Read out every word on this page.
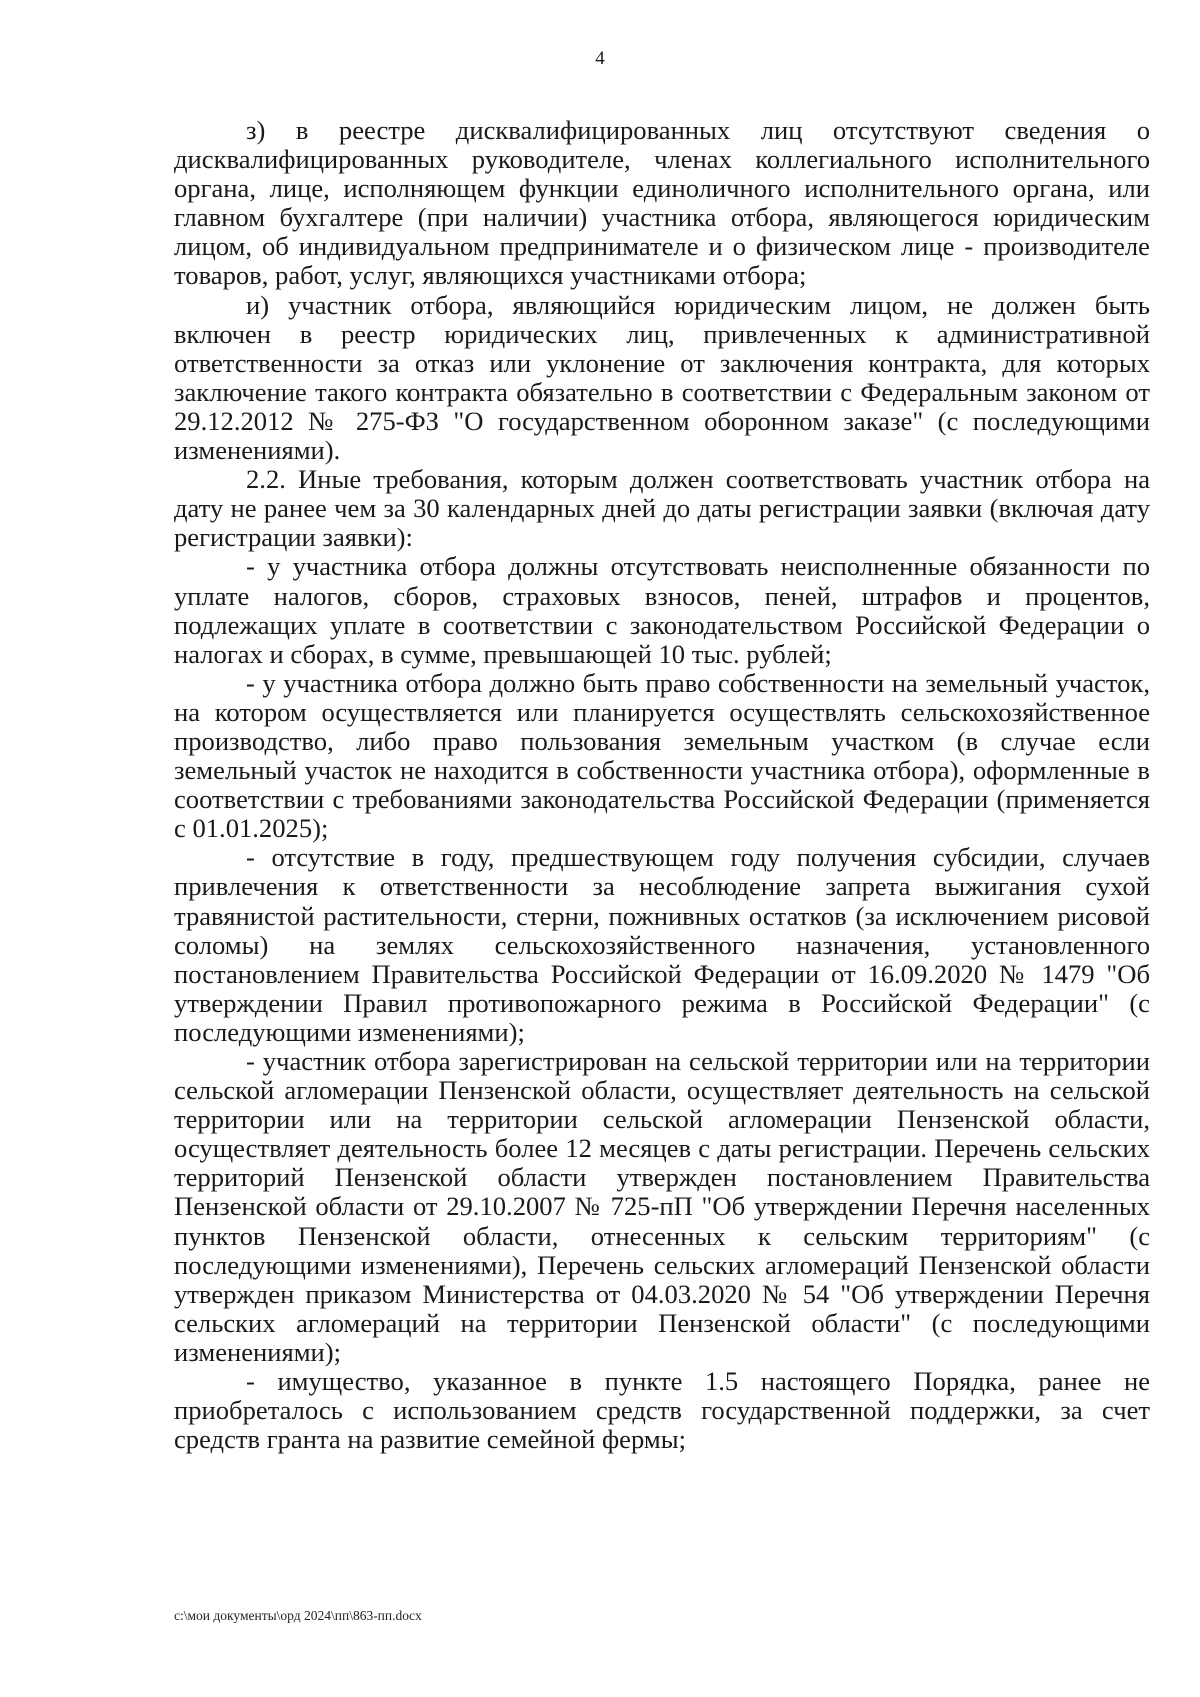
4

з) в реестре дисквалифицированных лиц отсутствуют сведения о дисквалифицированных руководителе, членах коллегиального исполнительного органа, лице, исполняющем функции единоличного исполнительного органа, или главном бухгалтере (при наличии) участника отбора, являющегося юридическим лицом, об индивидуальном предпринимателе и о физическом лице - производителе товаров, работ, услуг, являющихся участниками отбора;

и) участник отбора, являющийся юридическим лицом, не должен быть включен в реестр юридических лиц, привлеченных к административной ответственности за отказ или уклонение от заключения контракта, для которых заключение такого контракта обязательно в соответствии с Федеральным законом от 29.12.2012 № 275-ФЗ "О государственном оборонном заказе" (с последующими изменениями).

2.2. Иные требования, которым должен соответствовать участник отбора на дату не ранее чем за 30 календарных дней до даты регистрации заявки (включая дату регистрации заявки):

- у участника отбора должны отсутствовать неисполненные обязанности по уплате налогов, сборов, страховых взносов, пеней, штрафов и процентов, подлежащих уплате в соответствии с законодательством Российской Федерации о налогах и сборах, в сумме, превышающей 10 тыс. рублей;

- у участника отбора должно быть право собственности на земельный участок, на котором осуществляется или планируется осуществлять сельскохозяйственное производство, либо право пользования земельным участком (в случае если земельный участок не находится в собственности участника отбора), оформленные в соответствии с требованиями законодательства Российской Федерации (применяется с 01.01.2025);

- отсутствие в году, предшествующем году получения субсидии, случаев привлечения к ответственности за несоблюдение запрета выжигания сухой травянистой растительности, стерни, пожнивных остатков (за исключением рисовой соломы) на землях сельскохозяйственного назначения, установленного постановлением Правительства Российской Федерации от 16.09.2020 № 1479 "Об утверждении Правил противопожарного режима в Российской Федерации" (с последующими изменениями);

- участник отбора зарегистрирован на сельской территории или на территории сельской агломерации Пензенской области, осуществляет деятельность на сельской территории или на территории сельской агломерации Пензенской области, осуществляет деятельность более 12 месяцев с даты регистрации. Перечень сельских территорий Пензенской области утвержден постановлением Правительства Пензенской области от 29.10.2007 № 725-пП "Об утверждении Перечня населенных пунктов Пензенской области, отнесенных к сельским территориям" (с последующими изменениями), Перечень сельских агломераций Пензенской области утвержден приказом Министерства от 04.03.2020 № 54 "Об утверждении Перечня сельских агломераций на территории Пензенской области" (с последующими изменениями);

- имущество, указанное в пункте 1.5 настоящего Порядка, ранее не приобреталось с использованием средств государственной поддержки, за счет средств гранта на развитие семейной фермы;

c:\мои документы\орд 2024\пп\863-пп.docx
